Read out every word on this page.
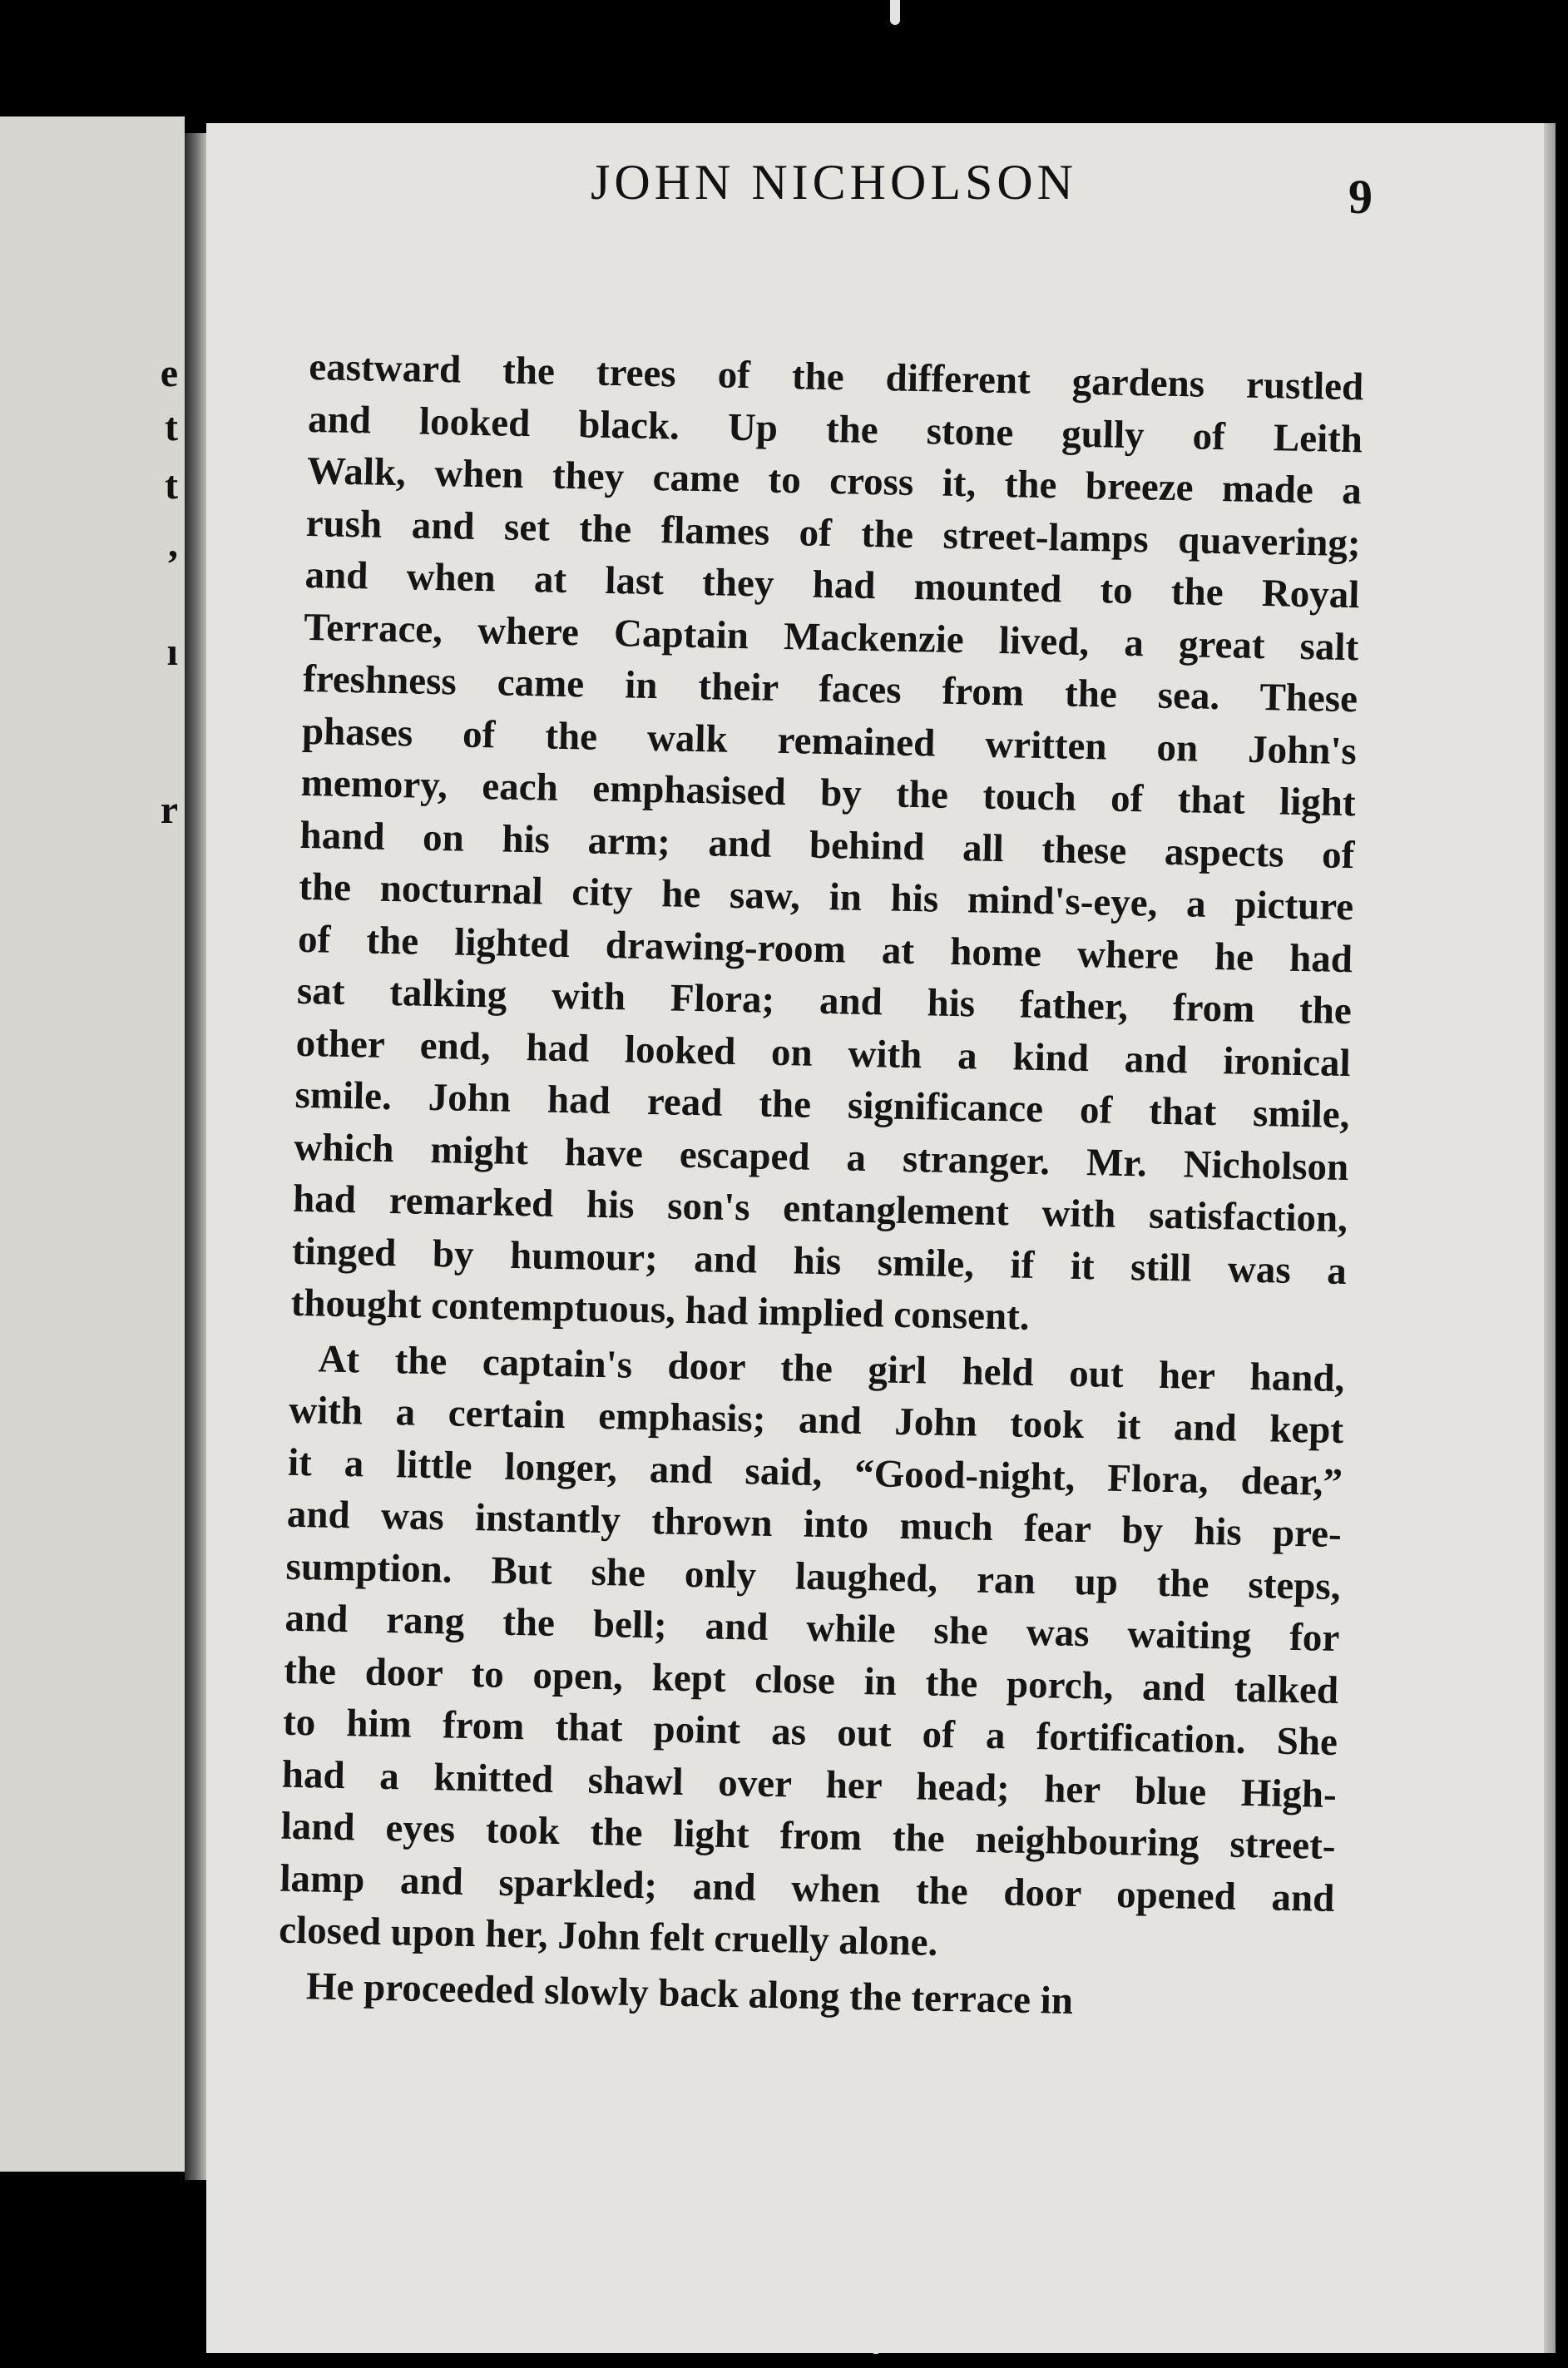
e
t
t
,
ı
r
JOHN NICHOLSON	9
eastward the trees of the different gardens rustled
and looked black. Up the stone gully of Leith
Walk, when they came to cross it, the breeze made a
rush and set the flames of the street-lamps quavering;
and when at last they had mounted to the Royal
Terrace, where Captain Mackenzie lived, a great salt
freshness came in their faces from the sea. These
phases of the walk remained written on John's
memory, each emphasised by the touch of that light
hand on his arm; and behind all these aspects of
the nocturnal city he saw, in his mind's-eye, a picture
of the lighted drawing-room at home where he had
sat talking with Flora; and his father, from the
other end, had looked on with a kind and ironical
smile. John had read the significance of that smile,
which might have escaped a stranger. Mr. Nicholson
had remarked his son's entanglement with satisfaction,
tinged by humour; and his smile, if it still was a
thought contemptuous, had implied consent.
At the captain's door the girl held out her hand,
with a certain emphasis; and John took it and kept
it a little longer, and said, “Good-night, Flora, dear,”
and was instantly thrown into much fear by his pre-
sumption. But she only laughed, ran up the steps,
and rang the bell; and while she was waiting for
the door to open, kept close in the porch, and talked
to him from that point as out of a fortification. She
had a knitted shawl over her head; her blue High-
land eyes took the light from the neighbouring street-
lamp and sparkled; and when the door opened and
closed upon her, John felt cruelly alone.
He proceeded slowly back along the terrace in
